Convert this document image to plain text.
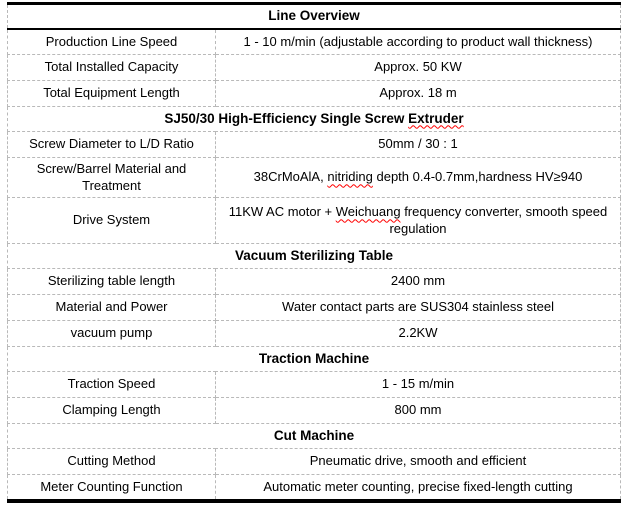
Line Overview	
Production Line Speed	1 - 10 m/min (adjustable according to product wall thickness)
Total Installed Capacity	Approx. 50 KW
Total Equipment Length	Approx. 18 m
SJ50/30 High-Efficiency Single Screw Extruder	
Screw Diameter to L/D Ratio	50mm / 30 : 1
Screw/Barrel Material and Treatment	38CrMoAlA, nitriding depth 0.4-0.7mm,hardness HV≥940
Drive System	11KW AC motor + Weichuang frequency converter, smooth speed regulation
Vacuum Sterilizing Table	
Sterilizing table length	2400 mm
Material and Power	Water contact parts are SUS304 stainless steel
vacuum pump	2.2KW
Traction Machine	
Traction Speed	1 - 15 m/min
Clamping Length	800 mm
Cut Machine	
Cutting Method	Pneumatic drive, smooth and efficient
Meter Counting Function	Automatic meter counting, precise fixed-length cutting
